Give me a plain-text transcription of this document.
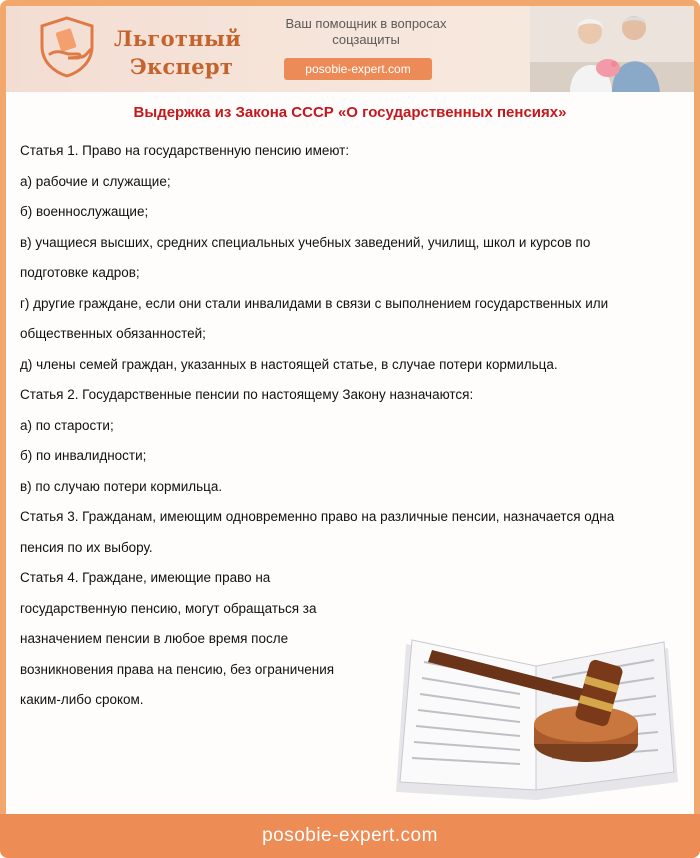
Льготный
Эксперт
Ваш помощник в вопросах соцзащиты
posobie-expert.com
Выдержка из Закона СССР «О государственных пенсиях»

Статья 1. Право на государственную пенсию имеют:

а) рабочие и служащие;

б) военнослужащие;

в) учащиеся высших, средних специальных учебных заведений, училищ, школ и курсов по подготовке кадров;

г) другие граждане, если они стали инвалидами в связи с выполнением государственных или общественных обязанностей;

д) члены семей граждан, указанных в настоящей статье, в случае потери кормильца.

Статья 2. Государственные пенсии по настоящему Закону назначаются:

а) по старости;

б) по инвалидности;

в) по случаю потери кормильца.

Статья 3. Гражданам, имеющим одновременно право на различные пенсии, назначается одна пенсия по их выбору.

Статья 4. Граждане, имеющие право на государственную пенсию, могут обращаться за назначением пенсии в любое время после возникновения права на пенсию, без ограничения каким-либо сроком.

posobie-expert.com
